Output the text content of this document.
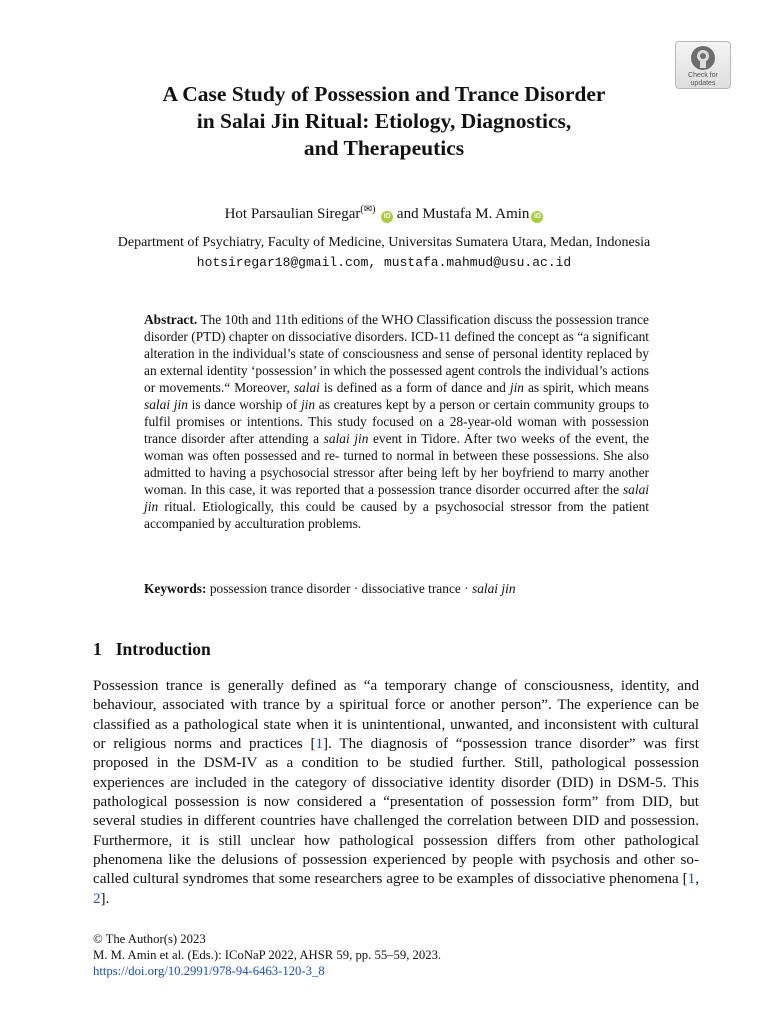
Check for
updates
A Case Study of Possession and Trance Disorder
in Salai Jin Ritual: Etiology, Diagnostics,
and Therapeutics
Hot Parsaulian Siregar(✉) iD and Mustafa M. Amin iD
Department of Psychiatry, Faculty of Medicine, Universitas Sumatera Utara, Medan, Indonesia
hotsiregar18@gmail.com, mustafa.mahmud@usu.ac.id

Abstract. The 10th and 11th editions of the WHO Classification discuss the possession trance disorder (PTD) chapter on dissociative disorders. ICD-11 defined the concept as “a significant alteration in the individual’s state of consciousness and sense of personal identity replaced by an external identity ‘possession’ in which the possessed agent controls the individual’s actions or movements.“ Moreover, salai is defined as a form of dance and jin as spirit, which means salai jin is dance worship of jin as creatures kept by a person or certain community groups to fulfil promises or intentions. This study focused on a 28-year-old woman with possession trance disorder after attending a salai jin event in Tidore. After two weeks of the event, the woman was often possessed and re- turned to normal in between these possessions. She also admitted to having a psychosocial stressor after being left by her boyfriend to marry another woman. In this case, it was reported that a possession trance disorder occurred after the salai jin ritual. Etiologically, this could be caused by a psychosocial stressor from the patient accompanied by acculturation problems.

Keywords: possession trance disorder · dissociative trance · salai jin
1 Introduction

Possession trance is generally defined as “a temporary change of consciousness, identity, and behaviour, associated with trance by a spiritual force or another person”. The experience can be classified as a pathological state when it is unintentional, unwanted, and inconsistent with cultural or religious norms and practices [1]. The diagnosis of “possession trance disorder” was first proposed in the DSM-IV as a condition to be studied further. Still, pathological possession experiences are included in the category of dissociative identity disorder (DID) in DSM-5. This pathological possession is now considered a “presentation of possession form” from DID, but several studies in different countries have challenged the correlation between DID and possession. Furthermore, it is still unclear how pathological possession differs from other pathological phenomena like the delusions of possession experienced by people with psychosis and other so-called cultural syndromes that some researchers agree to be examples of dissociative phenomena [1, 2].

© The Author(s) 2023
M. M. Amin et al. (Eds.): ICoNaP 2022, AHSR 59, pp. 55–59, 2023.
https://doi.org/10.2991/978-94-6463-120-3_8
